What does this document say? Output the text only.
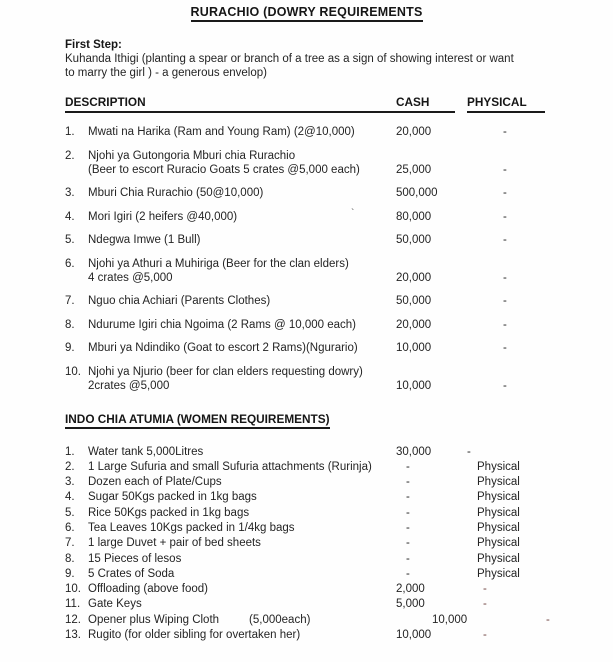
RURACHIO (DOWRY REQUIREMENTS
First Step:
Kuhanda Ithigi (planting a spear or branch of a tree as a sign of showing interest or want
to marry the girl ) - a generous envelop)
DESCRIPTION	CASH	PHYSICAL
1.	Mwati na Harika (Ram and Young Ram) (2@10,000)	20,000	-
2.	Njohi ya Gutongoria Mburi chia Rurachio
(Beer to escort Ruracio Goats 5 crates @5,000 each)	25,000	-
3.	Mburi Chia Rurachio (50@10,000)	500,000	-
4.	Mori Igiri (2 heifers @40,000)	`	80,000	-
5.	Ndegwa Imwe (1 Bull)	50,000	-
6.	Njohi ya Athuri a Muhiriga (Beer for the clan elders)
4 crates @5,000	20,000	-
7.	Nguo chia Achiari (Parents Clothes)	50,000	-
8.	Ndurume Igiri chia Ngoima (2 Rams @ 10,000 each)	20,000	-
9.	Mburi ya Ndindiko (Goat to escort 2 Rams)(Ngurario)	10,000	-
10. Njohi ya Njurio (beer for clan elders requesting dowry)
2crates @5,000	10,000	-
INDO CHIA ATUMIA (WOMEN REQUIREMENTS)
1.	Water tank 5,000Litres	30,000	-
2.	1 Large Sufuria and small Sufuria attachments (Rurinja)	-	Physical
3.	Dozen each of Plate/Cups	-	Physical
4.	Sugar 50Kgs packed in 1kg bags	-	Physical
5.	Rice 50Kgs packed in 1kg bags	-	Physical
6.	Tea Leaves 10Kgs packed in 1/4kg bags	-	Physical
7.	1 large Duvet + pair of bed sheets	-	Physical
8.	15 Pieces of lesos	-	Physical
9.	5 Crates of Soda	-	Physical
10. Offloading (above food)	2,000	-
11. Gate Keys	5,000	-
12. Opener plus Wiping Cloth	(5,000each)	10,000	-
13. Rugito (for older sibling for overtaken her)	10,000	-
